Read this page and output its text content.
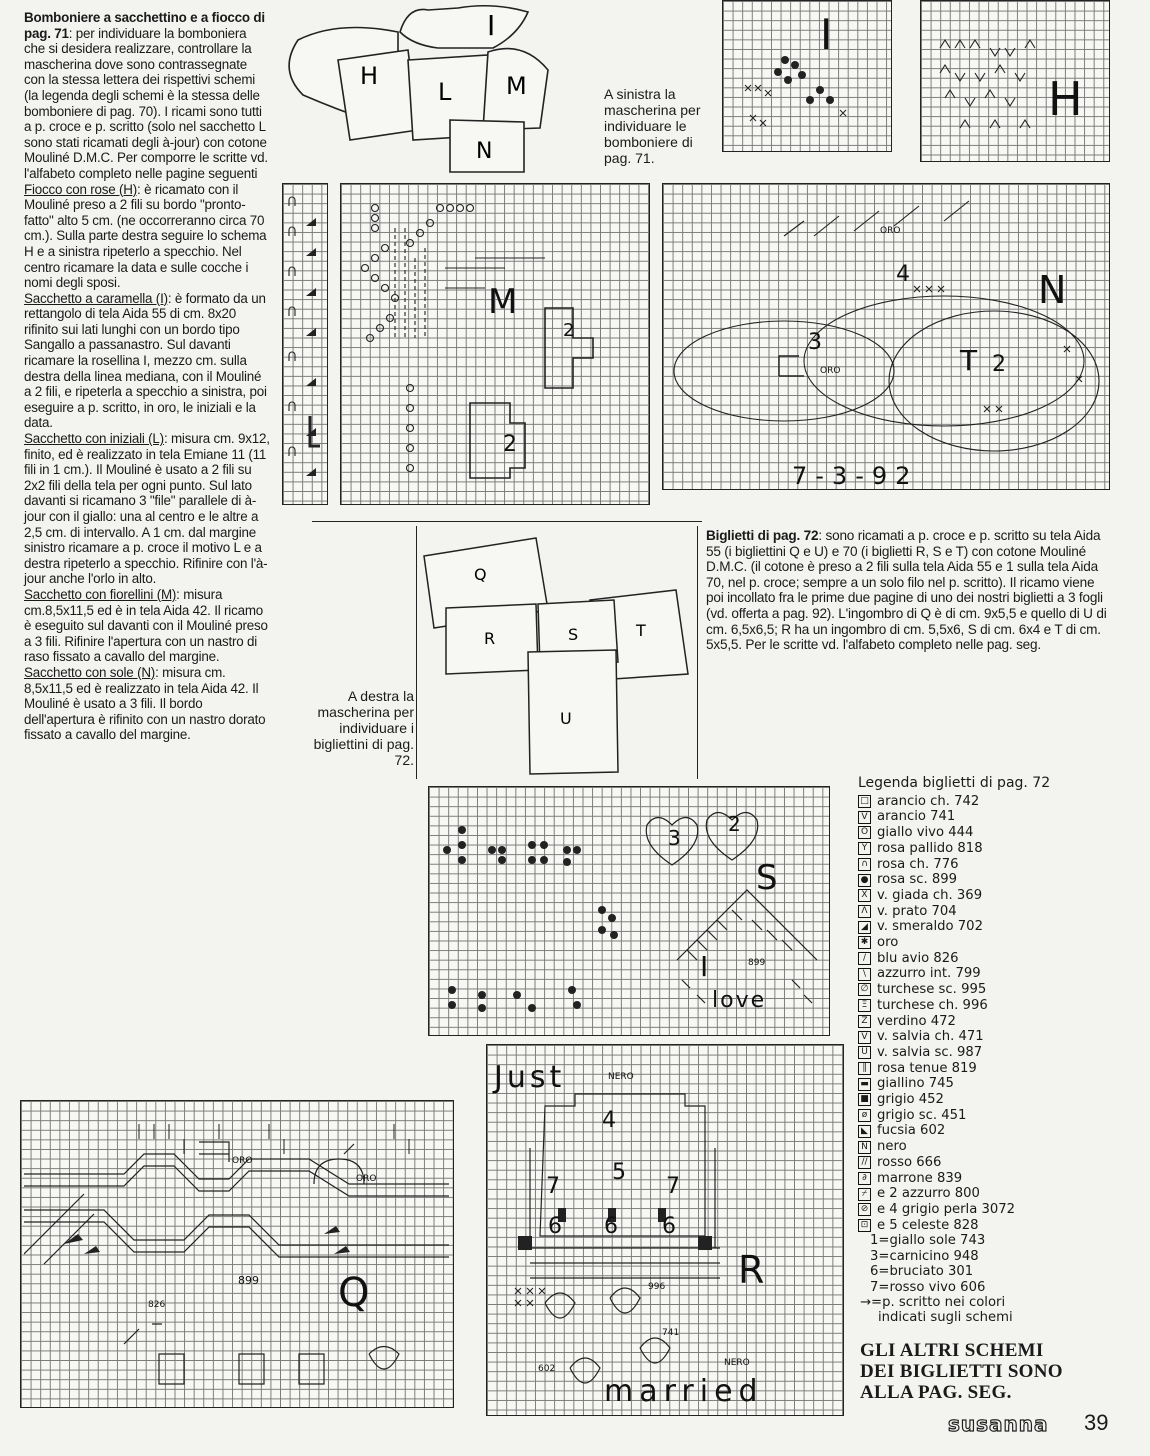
Bomboniere a sacchettino e a fiocco di pag. 71: per individuare la bomboniera che si desidera realizzare, controllare la mascherina dove sono contrassegnate con la stessa lettera dei rispettivi schemi (la legenda degli schemi è la stessa delle bomboniere di pag. 70). I ricami sono tutti a p. croce e p. scritto (solo nel sacchetto L sono stati ricamati degli à-jour) con cotone Mouliné D.M.C. Per comporre le scritte vd. l'alfabeto completo nelle pagine seguenti

Fiocco con rose (H): è ricamato con il Mouliné preso a 2 fili su bordo "pronto-fatto" alto 5 cm. (ne occorreranno circa 70 cm.). Sulla parte destra seguire lo schema H e a sinistra ripeterlo a specchio. Nel centro ricamare la data e sulle cocche i nomi degli sposi.

Sacchetto a caramella (I): è formato da un rettangolo di tela Aida 55 di cm. 8x20 rifinito sui lati lunghi con un bordo tipo Sangallo a passanastro. Sul davanti ricamare la rosellina I, mezzo cm. sulla destra della linea mediana, con il Mouliné a 2 fili, e ripeterla a specchio a sinistra, poi eseguire a p. scritto, in oro, le iniziali e la data.

Sacchetto con iniziali (L): misura cm. 9x12, finito, ed è realizzato in tela Emiane 11 (11 fili in 1 cm.). Il Mouliné è usato a 2 fili su 2x2 fili della tela per ogni punto. Sul lato davanti si ricamano 3 "file" parallele di à-jour con il giallo: una al centro e le altre a 2,5 cm. di intervallo. A 1 cm. dal margine sinistro ricamare a p. croce il motivo L e a destra ripeterlo a specchio. Rifinire con l'à-jour anche l'orlo in alto.

Sacchetto con fiorellini (M): misura cm.8,5x11,5 ed è in tela Aida 42. Il ricamo è eseguito sul davanti con il Mouliné preso a 3 fili. Rifinire l'apertura con un nastro di raso fissato a cavallo del margine.

Sacchetto con sole (N): misura cm. 8,5x11,5 ed è realizzato in tela Aida 42. Il Mouliné è usato a 3 fili. Il bordo dell'apertura è rifinito con un nastro dorato fissato a cavallo del margine.

I
H
L M
N
A sinistra la mascherina per individuare le bomboniere di pag. 71.
I
H
M
2
2
N
ORO
ORO
3
4
T 2
7-3-92
Q
R	S	T
U
A destra la mascherina per individuare i bigliettini di pag. 72.
Biglietti di pag. 72: sono ricamati a p. croce e p. scritto su tela Aida 55 (i bigliettini Q e U) e 70 (i biglietti R, S e T) con cotone Mouliné D.M.C. (il cotone è preso a 2 fili sulla tela Aida 55 e 1 sulla tela Aida 70, nel p. croce; sempre a un solo filo nel p. scritto). Il ricamo viene poi incollato fra le prime due pagine di uno dei nostri biglietti a 3 fogli (vd. offerta a pag. 92). L'ingombro di Q è di cm. 9x5,5 e quello di U di cm. 6,5x6,5; R ha un ingombro di cm. 5,5x6, S di cm. 6x4 e T di cm. 5x5,5. Per le scritte vd. l'alfabeto completo nelle pag. seg.
3
2
S
899
I
love
ORO
ORO
899
826	Q
Just	NERO
4
5
7	7
6 6 6
R
996
741
602
NERO
married
Legenda biglietti di pag. 72
□ arancio ch. 742
V arancio 741
O giallo vivo 444
Y rosa pallido 818
∩ rosa ch. 776
● rosa sc. 899
X v. giada ch. 369
Λ v. prato 704
◢ v. smeraldo 702
✱ oro
/ blu avio 826
\ azzurro int. 799
∅ turchese sc. 995
Ξ turchese ch. 996
Z verdino 472
V v. salvia ch. 471
U v. salvia sc. 987
∥ rosa tenue 819
▬ giallino 745
■ grigio 452
ø grigio sc. 451
◣ fucsia 602
N nero
// rosso 666
∂ marrone 839
⌿ e 2 azzurro 800
⊘ e 4 grigio perla 3072
⊡ e 5 celeste 828
1=giallo sole 743
3=carnicino 948
6=bruciato 301
7=rosso vivo 606
→=p. scritto nei colori
indicati sugli schemi
GLI ALTRI SCHEMI
DEI BIGLIETTI SONO
ALLA PAG. SEG.
susanna 39
